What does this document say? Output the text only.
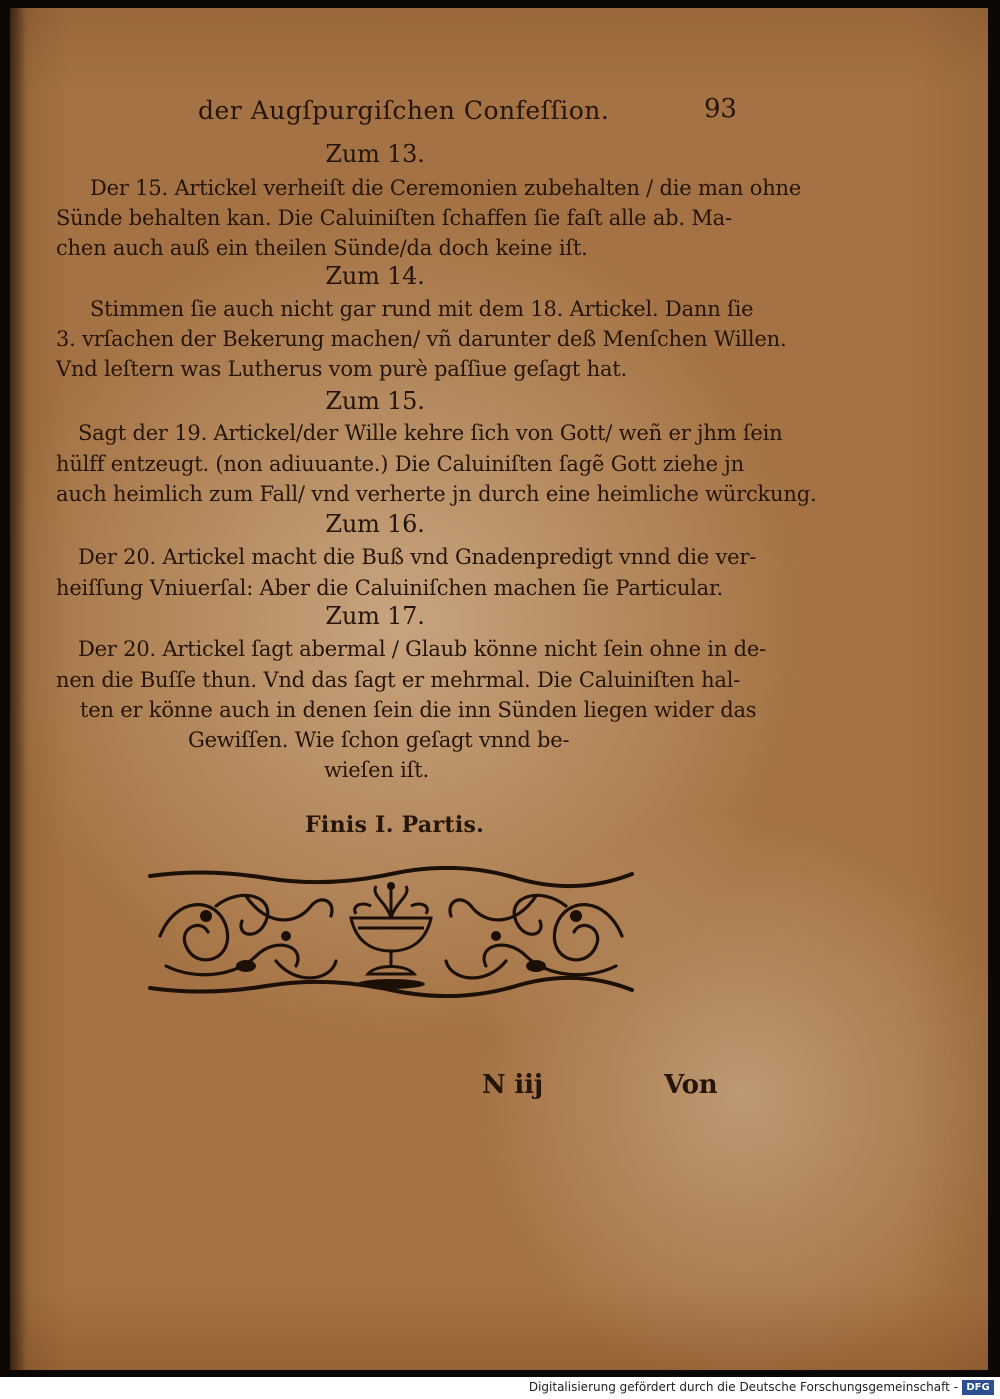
der Augſpurgiſchen Confeſſion.	93
Zum 13.
Der 15. Artickel verheiſt die Ceremonien zubehalten / die man ohne
Sünde behalten kan. Die Caluiniſten ſchaffen ſie faſt alle ab. Ma-
chen auch auß ein theilen Sünde/da doch keine iſt.
Zum 14.
Stimmen ſie auch nicht gar rund mit dem 18. Artickel. Dann ſie
3. vrſachen der Bekerung machen/ vñ darunter deß Menſchen Willen.
Vnd leſtern was Lutherus vom purè paſſiue geſagt hat.
Zum 15.
Sagt der 19. Artickel/der Wille kehre ſich von Gott/ weñ er jhm ſein
hülff entzeugt. (non adiuuante.) Die Caluiniſten ſagẽ Gott ziehe jn
auch heimlich zum Fall/ vnd verherte jn durch eine heimliche würckung.
Zum 16.
Der 20. Artickel macht die Buß vnd Gnadenpredigt vnnd die ver-
heiſſung Vniuerſal: Aber die Caluiniſchen machen ſie Particular.
Zum 17.
Der 20. Artickel ſagt abermal / Glaub könne nicht ſein ohne in de-
nen die Buſſe thun. Vnd das ſagt er mehrmal. Die Caluiniſten hal-
ten er könne auch in denen ſein die inn Sünden liegen wider das
Gewiſſen. Wie ſchon geſagt vnnd be-
wieſen iſt.
Finis I. Partis.
N iij	Von
Digitalisierung gefördert durch die Deutsche Forschungsgemeinschaft - DFG
